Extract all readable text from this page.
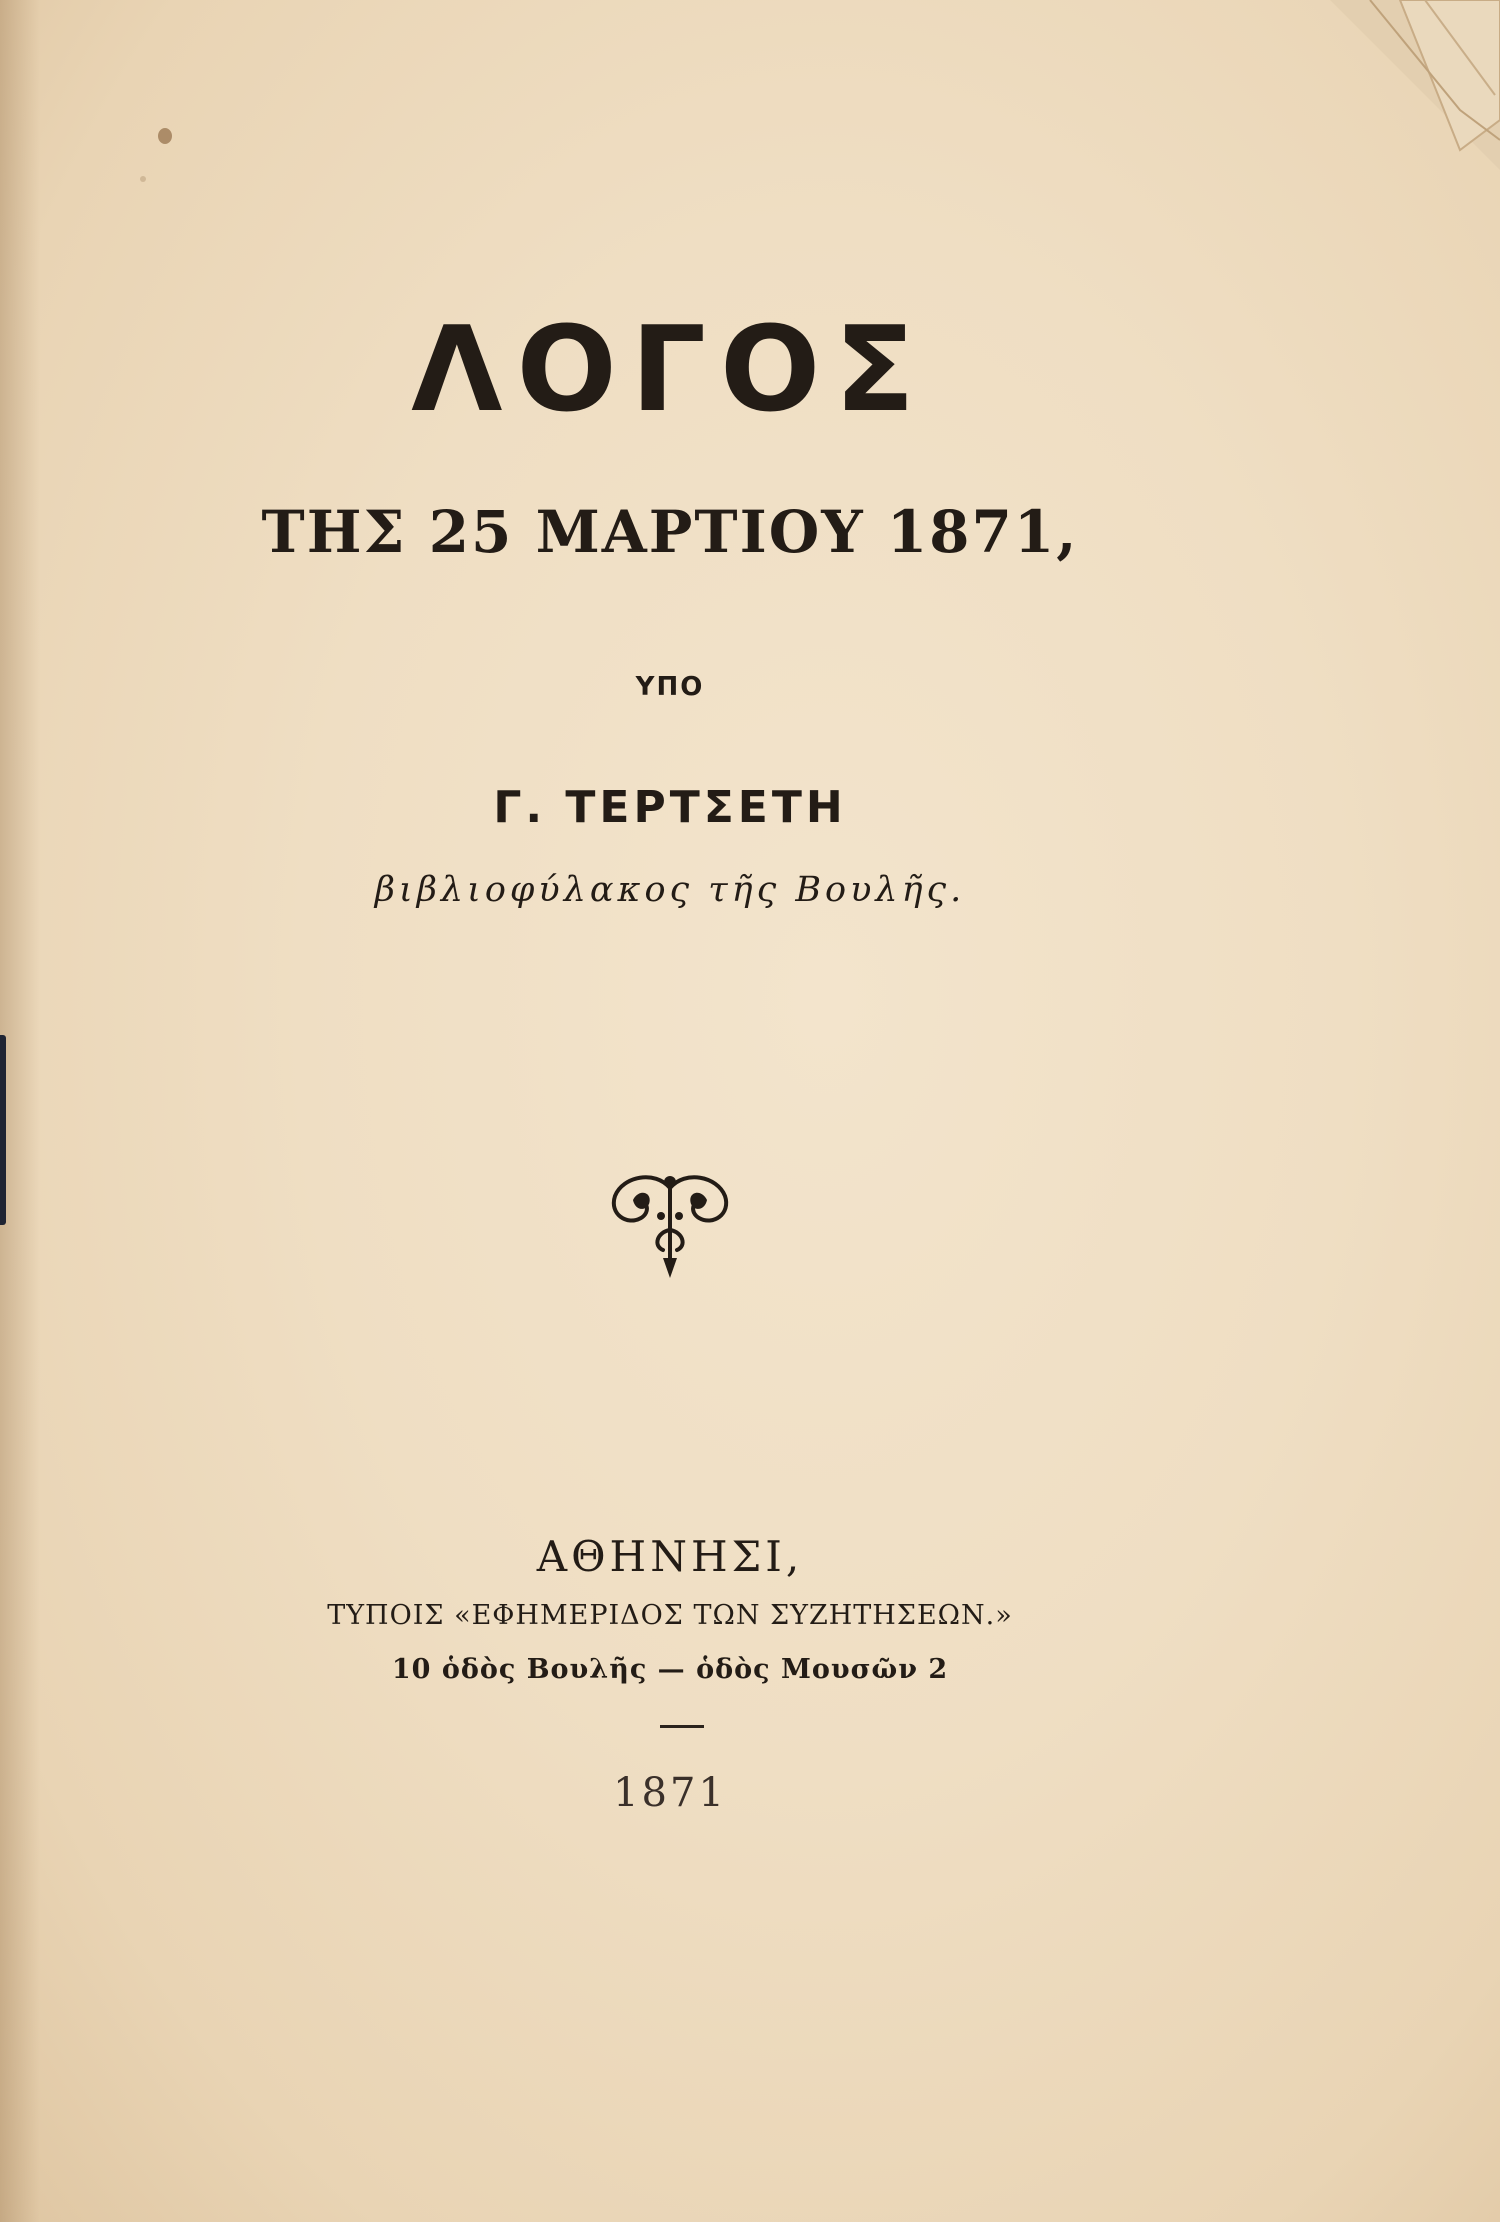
ΛΟΓΟΣ
ΤΗΣ 25 ΜΑΡΤΙΟΥ 1871,
ΥΠΟ
Γ. ΤΕΡΤΣΕΤΗ
βιβλιοφύλακος τῆς Βουλῆς.
ΑΘΗΝΗΣΙ,
ΤΥΠΟΙΣ «ΕΦΗΜΕΡΙΔΟΣ ΤΩΝ ΣΥΖΗΤΗΣΕΩΝ.»
10 ὁδὸς Βουλῆς — ὁδὸς Μουσῶν 2
1871
